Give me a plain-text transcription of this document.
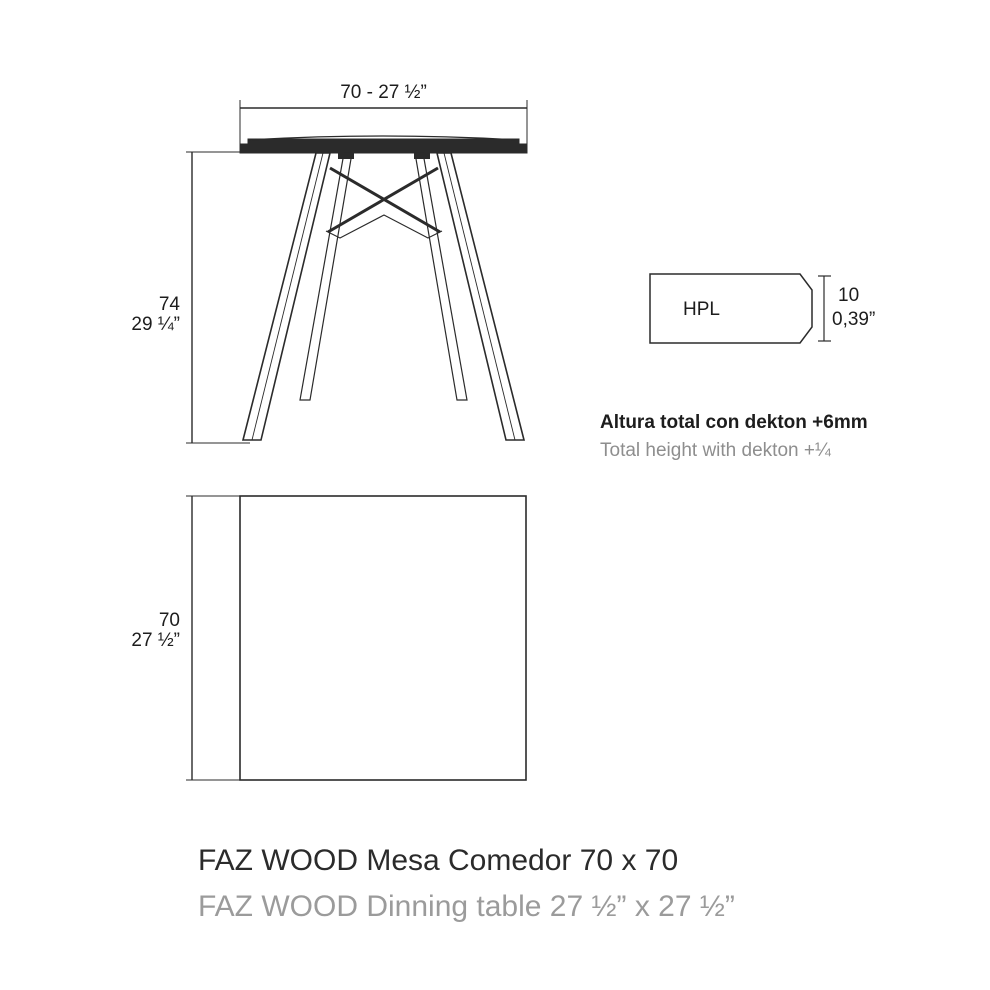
70 - 27 ½”
74
29 ¼”
70
27 ½”
HPL
10
0,39”
Altura total con dekton +6mm
Total height with dekton +¼
FAZ WOOD Mesa Comedor 70 x 70
FAZ WOOD Dinning table 27 ½” x 27 ½”
